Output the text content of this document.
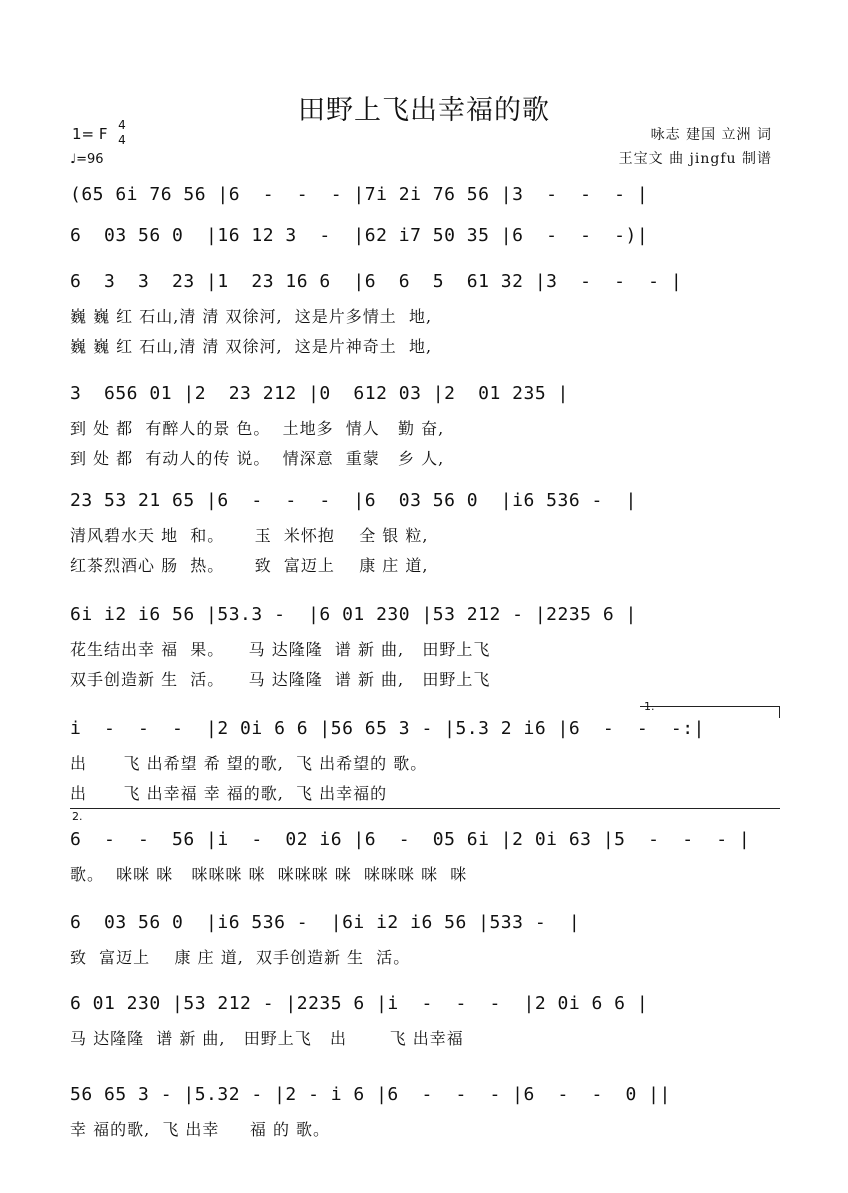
田野上飞出幸福的歌
1= F 4
4
♩=96
咏志 建国 立洲 词
王宝文 曲 jingfu 制谱
1.
2.
(65 6i 76 56 |6  -  -  - |7i 2i 76 56 |3  -  -  - |
6  03 56 0  |16 12 3  -  |62 i7 50 35 |6  -  -  -)|
6  3  3  23 |1  23 16 6  |6  6  5  61 32 |3  -  -  - |
巍 巍 红 石山,清 清 双徐河,  这是片多情土  地,
巍 巍 红 石山,清 清 双徐河,  这是片神奇土  地,
3  656 01 |2  23 212 |0  612 03 |2  01 235 |
到 处 都  有醉人的景 色。  土地多  情人   勤 奋,
到 处 都  有动人的传 说。  情深意  重蒙   乡 人,
23 53 21 65 |6  -  -  -  |6  03 56 0  |i6 536 -  |
清风碧水天 地  和。     玉  米怀抱    全 银 粒,
红茶烈酒心 肠  热。     致  富迈上    康 庄 道,
6i i2 i6 56 |53.3 -  |6 01 230 |53 212 - |2235 6 |
花生结出幸 福  果。    马 达隆隆  谱 新 曲,   田野上飞
双手创造新 生  活。    马 达隆隆  谱 新 曲,   田野上飞
i  -  -  -  |2 0i 6 6 |56 65 3 - |5.3 2 i6 |6  -  -  -:|
出      飞 出希望 希 望的歌,  飞 出希望的 歌。
出      飞 出幸福 幸 福的歌,  飞 出幸福的
6  -  -  56 |i  -  02 i6 |6  -  05 6i |2 0i 63 |5  -  -  - |
歌。  咪咪 咪   咪咪咪 咪  咪咪咪 咪  咪咪咪 咪  咪
6  03 56 0  |i6 536 -  |6i i2 i6 56 |533 -  |
致  富迈上    康 庄 道,  双手创造新 生  活。
6 01 230 |53 212 - |2235 6 |i  -  -  -  |2 0i 6 6 |
马 达隆隆  谱 新 曲,   田野上飞   出       飞 出幸福
56 65 3 - |5.32 - |2 - i 6 |6  -  -  - |6  -  -  0 ||
幸 福的歌,  飞 出幸     福 的 歌。
